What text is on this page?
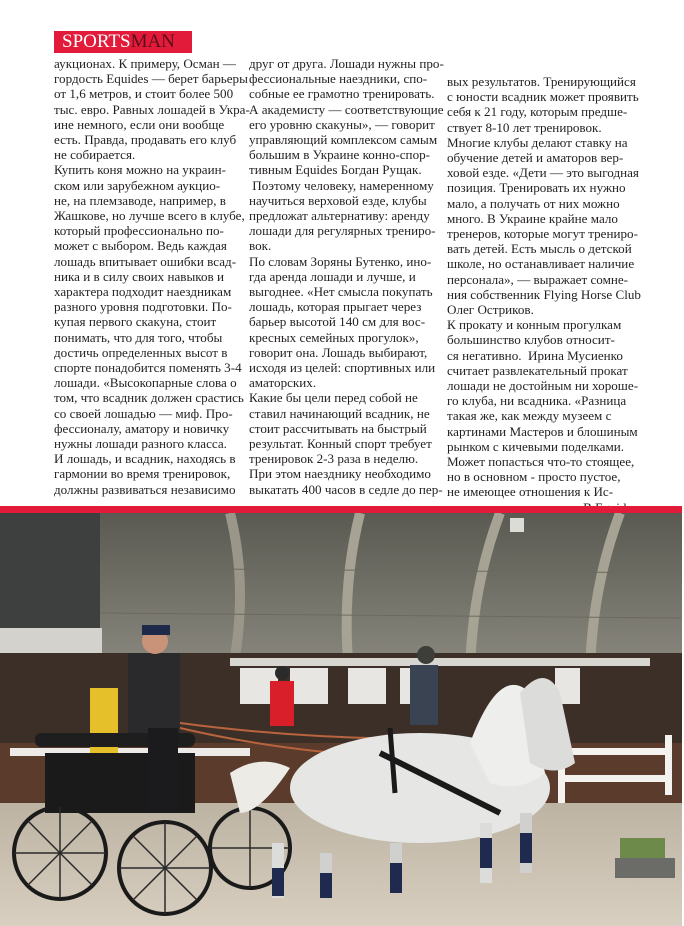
SPORTS MAN

аукционах. К примеру, Осман —

гордость Equides — берет барьеры

от 1,6 метров, и стоит более 500

тыс. евро. Равных лошадей в Укра-

ине немного, если они вообще

есть. Правда, продавать его клуб

не собирается.

Купить коня можно на украин-

ском или зарубежном аукцио-

не, на племзаводе, например, в

Жашкове, но лучше всего в клубе,

который профессионально по-

может с выбором. Ведь каждая

лошадь впитывает ошибки всад-

ника и в силу своих навыков и

характера подходит наездникам

разного уровня подготовки. По-

купая первого скакуна, стоит

понимать, что для того, чтобы

достичь определенных высот в

спорте понадобится поменять 3-4

лошади. «Высокопарные слова о

том, что всадник должен срастись

со своей лошадью — миф. Про-

фессионалу, аматору и новичку

нужны лошади разного класса.

И лошадь, и всадник, находясь в

гармонии во время тренировок,

должны развиваться независимо

друг от друга. Лошади нужны про-

фессиональные наездники, спо-

собные ее грамотно тренировать.

А академисту — соответствующие

его уровню скакуны», — говорит

управляющий комплексом самым

большим в Украине конно-спор-

тивным Equides Богдан Рущак.

Поэтому человеку, намеренному

научиться верховой езде, клубы

предложат альтернативу: аренду

лошади для регулярных трениро-

вок.

По словам Зоряны Бутенко, ино-

гда аренда лошади и лучше, и

выгоднее. «Нет смысла покупать

лошадь, которая прыгает через

барьер высотой 140 см для вос-

кресных семейных прогулок»,

говорит она. Лошадь выбирают,

исходя из целей: спортивных или

аматорских.

Какие бы цели перед собой не

ставил начинающий всадник, не

стоит рассчитывать на быстрый

результат. Конный спорт требует

тренировок 2-3 раза в неделю.

При этом наезднику необходимо

выкатать 400 часов в седле до пер-

вых результатов. Тренирующийся

с юности всадник может проявить

себя к 21 году, которым предше-

ствует 8-10 лет тренировок.

Многие клубы делают ставку на

обучение детей и аматоров вер-

ховой езде. «Дети — это выгодная

позиция. Тренировать их нужно

мало, а получать от них можно

много. В Украине крайне мало

тренеров, которые могут трениро-

вать детей. Есть мысль о детской

школе, но останавливает наличие

персонала», — выражает сомне-

ния собственник Flying Horse Club

Олег Остриков.

К прокату и конным прогулкам

большинство клубов относит-

ся негативно.  Ирина Мусиенко

считает развлекательный прокат

лошади не достойным ни хороше-

го клуба, ни всадника. «Разница

такая же, как между музеем с

картинами Мастеров и блошиным

рынком с кичевыми поделками.

Может попасться что-то стоящее,

но в основном - просто пустое,

не имеющее отношения к Ис-
